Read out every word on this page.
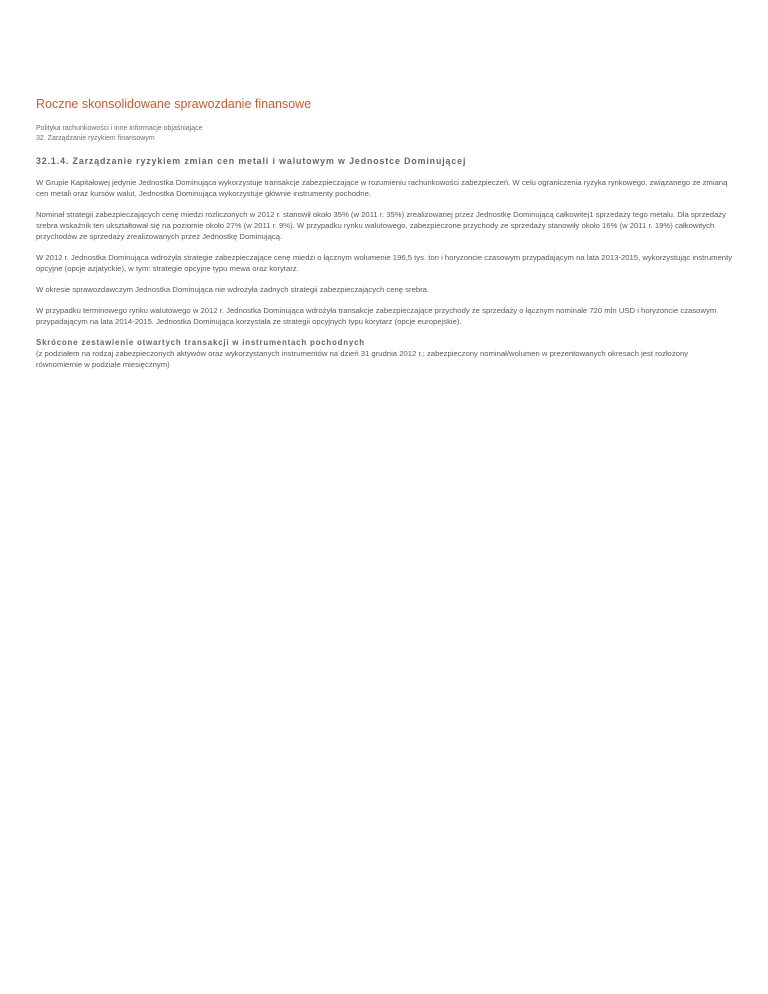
Roczne skonsolidowane sprawozdanie finansowe

Polityka rachunkowości i inne informacje objaśniające

32. Zarządzanie ryzykiem finansowym

32.1.4. Zarządzanie ryzykiem zmian cen metali i walutowym w Jednostce Dominującej

W Grupie Kapitałowej jedynie Jednostka Dominująca wykorzystuje transakcje zabezpieczające w rozumieniu rachunkowości zabezpieczeń. W celu ograniczenia ryzyka rynkowego, związanego ze zmianą cen metali oraz kursów walut, Jednostka Dominująca wykorzystuje głównie instrumenty pochodne.

Nominał strategii zabezpieczających cenę miedzi rozliczonych w 2012 r. stanowił około 35% (w 2011 r. 35%) zrealizowanej przez Jednostkę Dominującą całkowitej1 sprzedaży tego metalu. Dla sprzedaży srebra wskaźnik ten ukształtował się na poziomie około 27% (w 2011 r. 9%). W przypadku rynku walutowego, zabezpieczone przychody ze sprzedaży stanowiły około 16% (w 2011 r. 19%) całkowitych przychodów ze sprzedaży zrealizowanych przez Jednostkę Dominującą.

W 2012 r. Jednostka Dominująca wdrożyła strategie zabezpieczające cenę miedzi o łącznym wolumenie 196,5 tys. ton i horyzoncie czasowym przypadającym na lata 2013-2015, wykorzystując instrumenty opcyjne (opcje azjatyckie), w tym: strategie opcyjne typu mewa oraz korytarz.

W okresie sprawozdawczym Jednostka Dominująca nie wdrożyła żadnych strategii zabezpieczających cenę srebra.

W przypadku terminowego rynku walutowego w 2012 r. Jednostka Dominująca wdrożyła transakcje zabezpieczające przychody ze sprzedaży o łącznym nominale 720 mln USD i horyzoncie czasowym przypadającym na lata 2014-2015. Jednostka Dominująca korzystała ze strategii opcyjnych typu korytarz (opcje europejskie).

Skrócone zestawienie otwartych transakcji w instrumentach pochodnych

(z podziałem na rodzaj zabezpieczonych aktywów oraz wykorzystanych instrumentów na dzień 31 grudnia 2012 r.; zabezpieczony nominał/wolumen w prezentowanych okresach jest rozłożony równomiernie w podziale miesięcznym)
